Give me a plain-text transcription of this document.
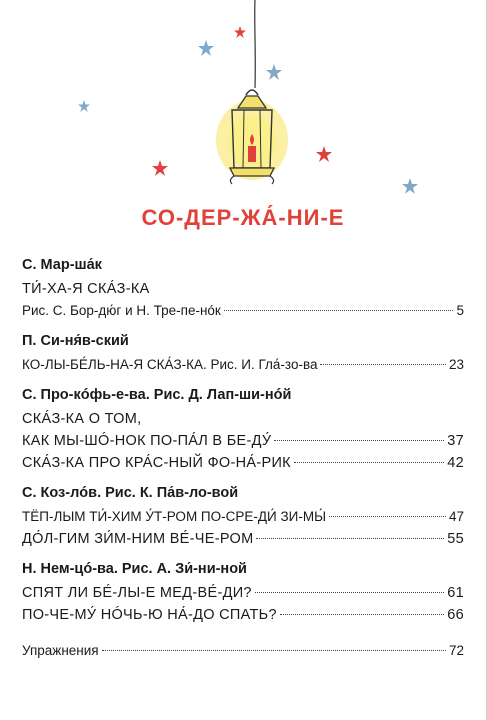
СО-ДЕР-ЖА́-НИ-Е
С. Мар-ша́к
ТИ́-ХА-Я СКА́З-КА
Рис. С. Бор-дю́г и Н. Тре-пе-нóк	5
П. Си-ня́в-ский
КО-ЛЫ-БЕ́ЛЬ-НА-Я СКА́З-КА. Рис. И. Гла́-зо-ва	23
С. Про-кóфь-е-ва. Рис. Д. Лап-ши-нóй
СКА́З-КА О ТОМ,
КАК МЫ-ШÓ-НОК ПО-ПА́Л В БЕ-ДУ́	37
СКА́З-КА ПРО КРА́С-НЫЙ ФО-НА́-РИК	42
С. Коз-лóв. Рис. К. Па́в-ло-вой
ТЁП-ЛЫМ ТИ́-ХИМ У́Т-РОМ ПО-СРЕ-ДИ́ ЗИ-МЫ́	47
ДО́Л-ГИМ ЗИ́М-НИМ ВЕ́-ЧЕ-РОМ	55
Н. Нем-цó-ва. Рис. А. Зи́-ни-ной
СПЯТ ЛИ БЕ́-ЛЫ-Е МЕД-ВЕ́-ДИ?	61
ПО-ЧЕ-МУ́ НÓЧЬ-Ю НА́-ДО СПАТЬ?	66
Упражнения	72
